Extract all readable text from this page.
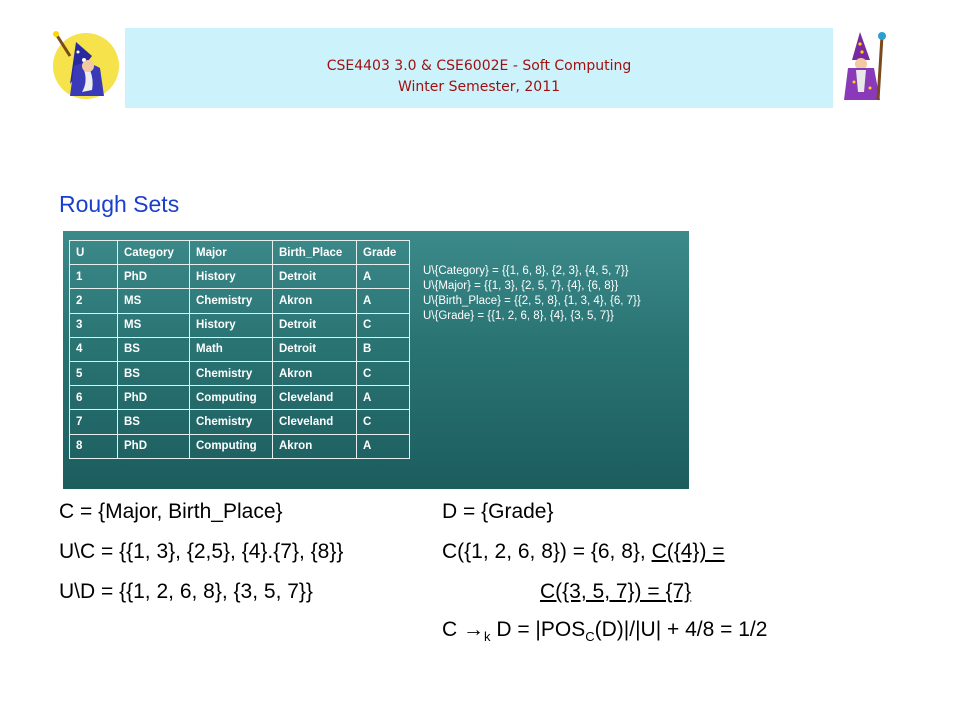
CSE4403 3.0 & CSE6002E - Soft Computing
Winter Semester, 2011
Rough Sets
U	Category	Major	Birth_Place	Grade
1	PhD	History	Detroit	A
2	MS	Chemistry	Akron	A
3	MS	History	Detroit	C
4	BS	Math	Detroit	B
5	BS	Chemistry	Akron	C
6	PhD	Computing	Cleveland	A
7	BS	Chemistry	Cleveland	C
8	PhD	Computing	Akron	A
U\{Category} = {{1, 6, 8}, {2, 3}, {4, 5, 7}}
U\{Major} = {{1, 3}, {2, 5, 7}, {4}, {6, 8}}
U\{Birth_Place} = {{2, 5, 8}, {1, 3, 4}, {6, 7}}
U\{Grade} = {{1, 2, 6, 8}, {4}, {3, 5, 7}}
C = {Major, Birth_Place}	D = {Grade}
U\C = {{1, 3}, {2,5}, {4}.{7}, {8}}	C({1, 2, 6, 8}) = {6, 8}, C({4}) =
U\D = {{1, 2, 6, 8}, {3, 5, 7}}	C({3, 5, 7}) = {7}
$C \to_k$ $D = |POS_C(D)|/|U| + 4/8 = 1/2$
